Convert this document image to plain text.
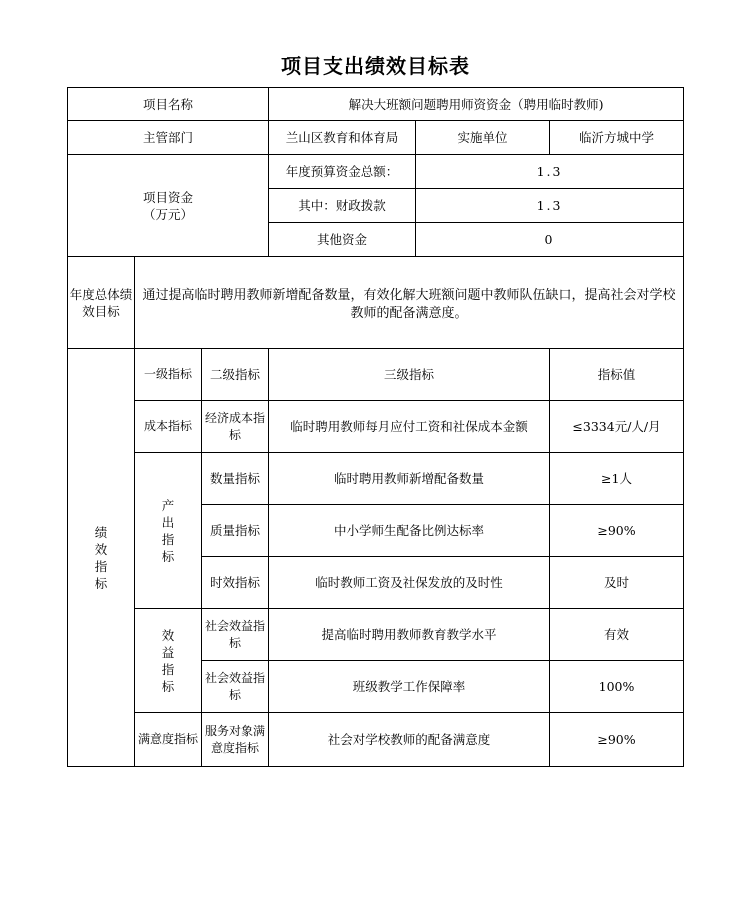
项目支出绩效目标表
项目名称			解决大班额问题聘用师资资金（聘用临时教师)		
主管部门			兰山区教育和体育局	实施单位	临沂方城中学
项目资金
（万元）			年度预算资金总额：	1.3	
			其中：财政拨款	1.3	
			其他资金	0	
年度总体绩效目标	通过提高临时聘用教师新增配备数量，有效化解大班额问题中教师队伍缺口，提高社会对学校教师的配备满意度。				
绩效指标	一级指标	二级指标	三级指标		指标值
	成本指标	经济成本指标	临时聘用教师每月应付工资和社保成本金额		≤3334元/人/月
	产出指标	数量指标	临时聘用教师新增配备数量		≥1人
		质量指标	中小学师生配备比例达标率		≥90%
		时效指标	临时教师工资及社保发放的及时性		及时
	效益指标	社会效益指标	提高临时聘用教师教育教学水平		有效
		社会效益指标	班级教学工作保障率		100%
	满意度指标	服务对象满意度指标	社会对学校教师的配备满意度		≥90%
